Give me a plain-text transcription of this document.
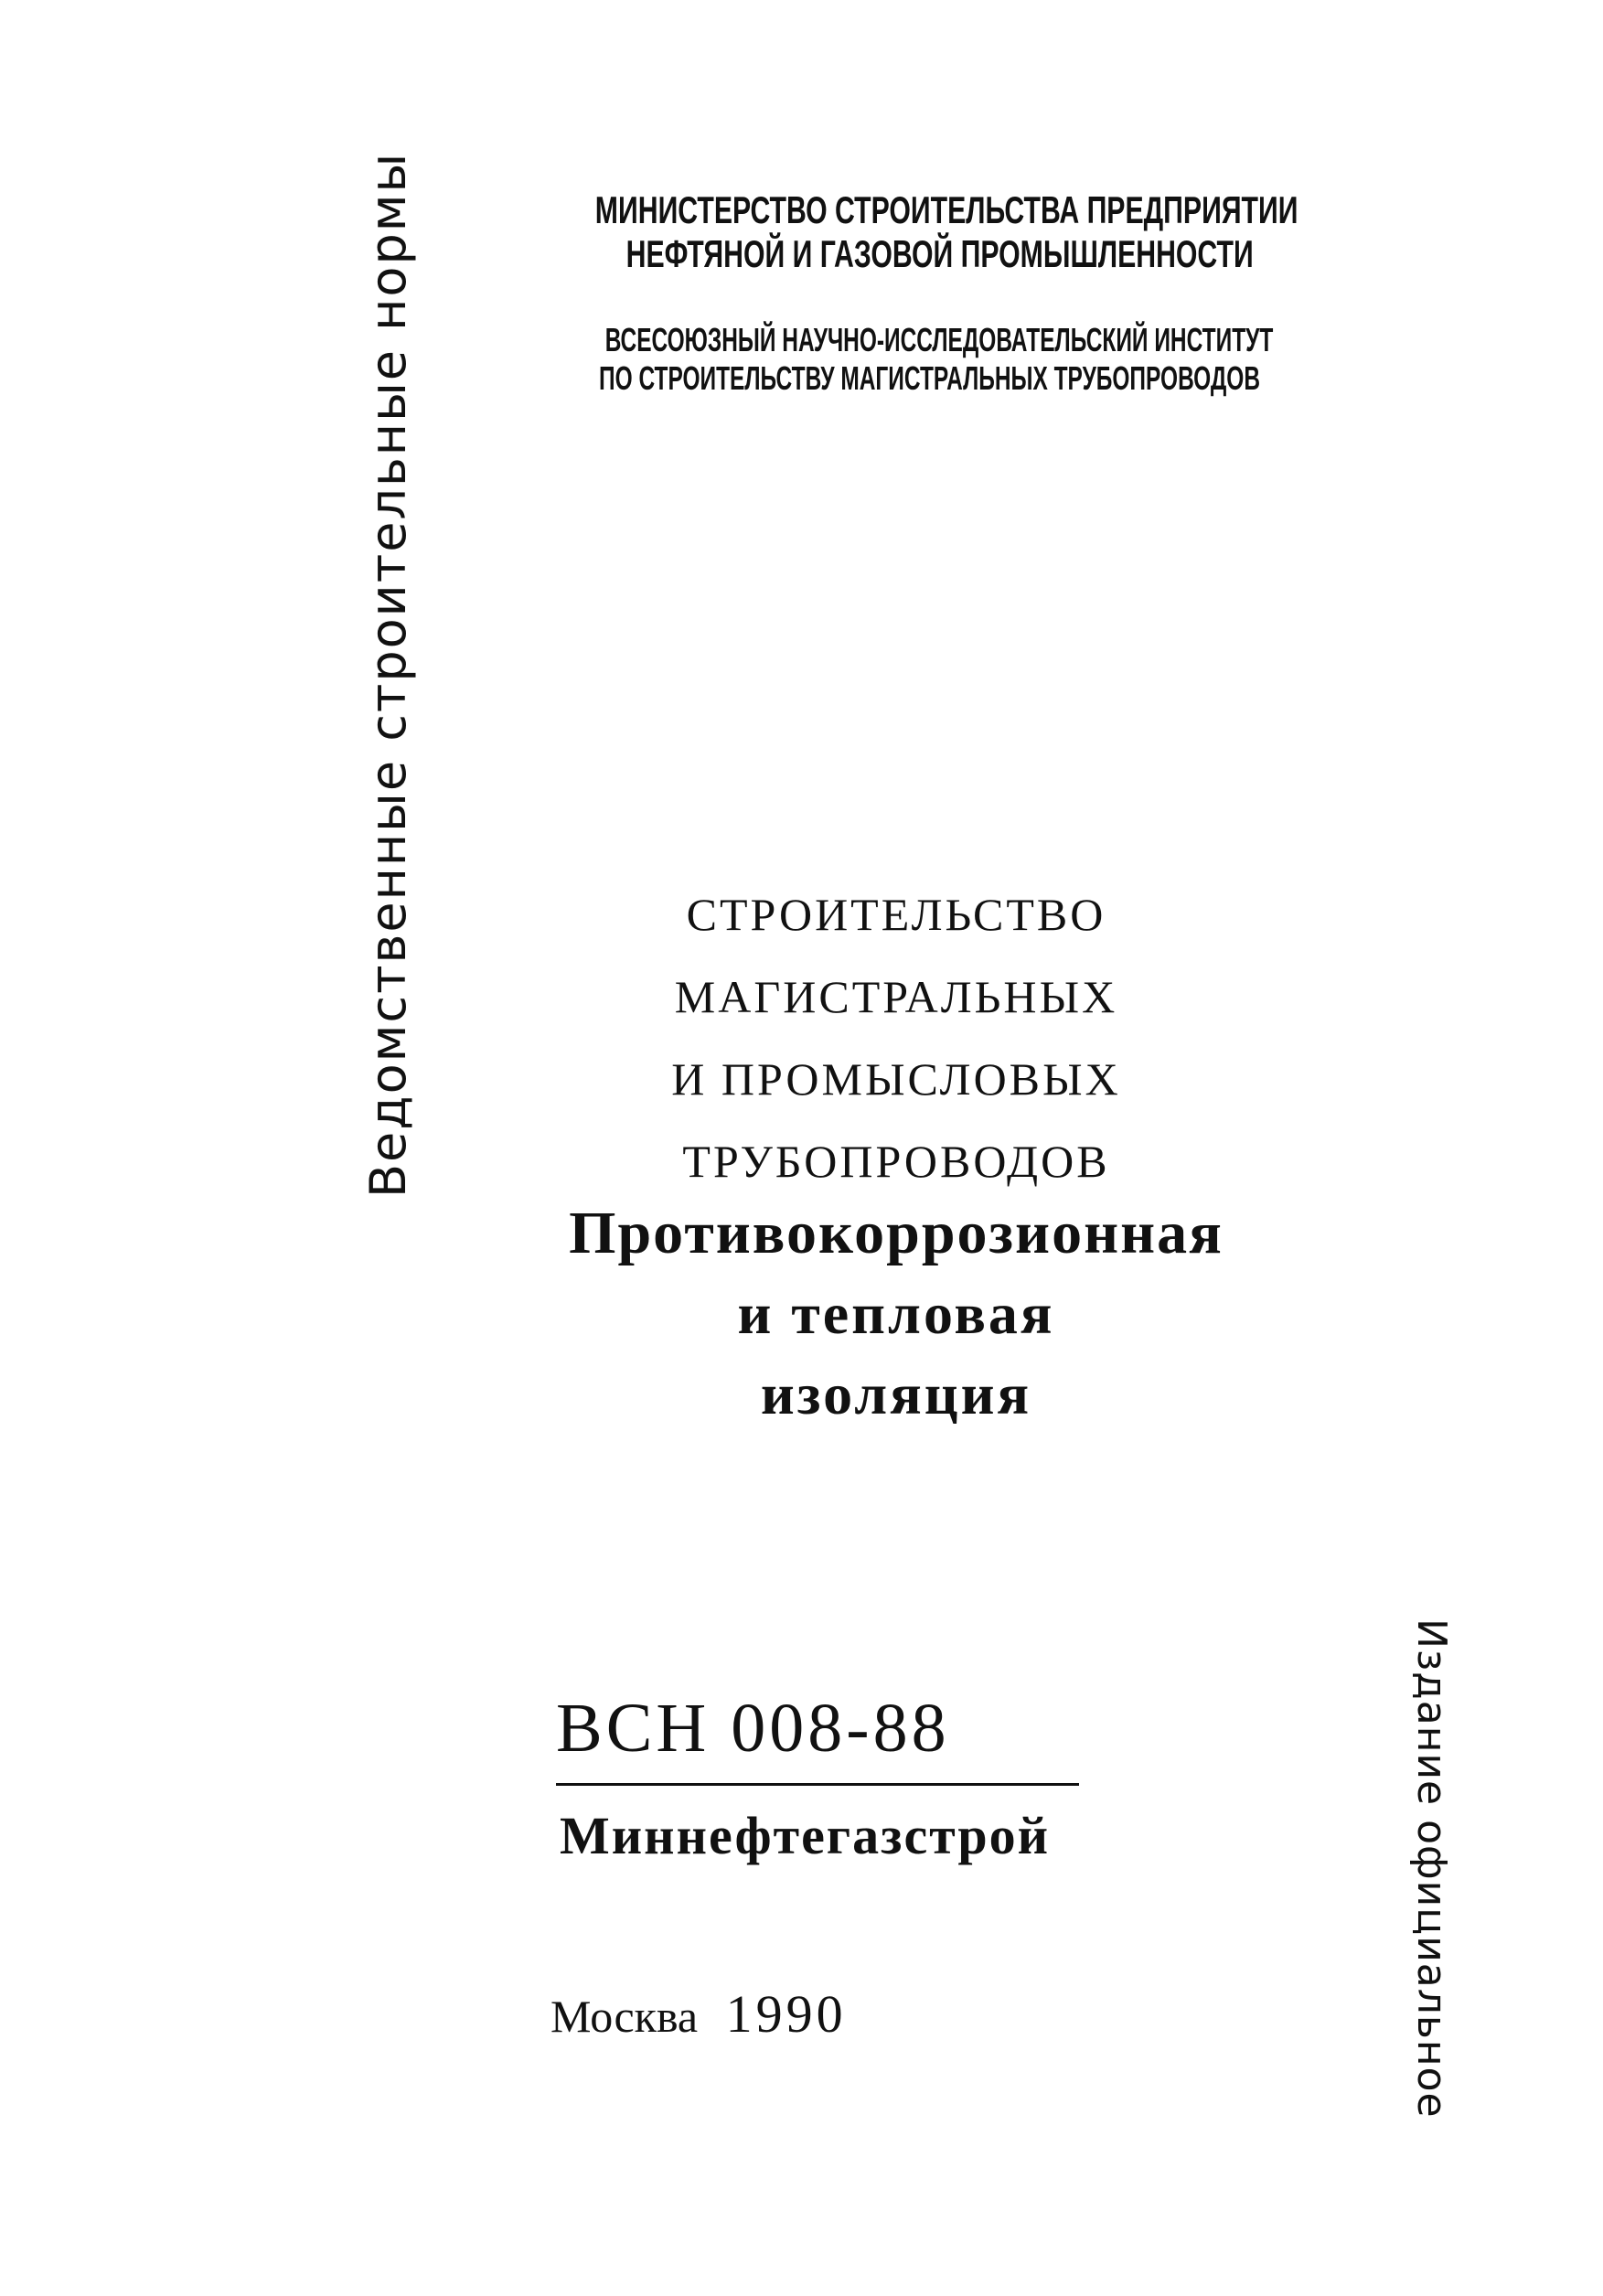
МИНИСТЕРСТВО СТРОИТЕЛЬСТВА ПРЕДПРИЯТИИ
НЕФТЯНОЙ И ГАЗОВОЙ ПРОМЫШЛЕННОСТИ
ВСЕСОЮЗНЫЙ НАУЧНО-ИССЛЕДОВАТЕЛЬСКИЙ ИНСТИТУТ
ПО СТРОИТЕЛЬСТВУ МАГИСТРАЛЬНЫХ ТРУБОПРОВОДОВ
Ведомственные строительные нормы	СТРОИТЕЛЬСТВО

МАГИСТРАЛЬНЫХ

И ПРОМЫСЛОВЫХ

ТРУБОПРОВОДОВ

Противокоррозионная

и тепловая

изоляция

ВСН 008-88
Миннефтегазстрой
Москва 1990	Издание официальное
